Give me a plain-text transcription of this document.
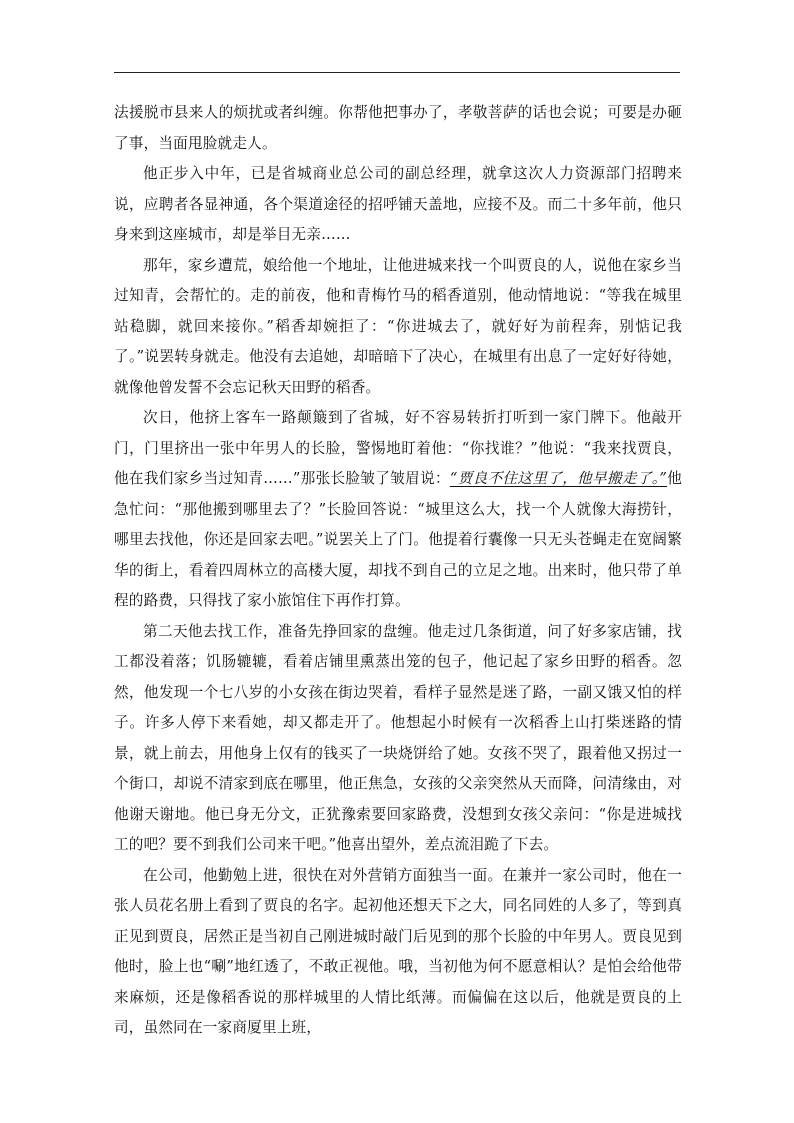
法援脱市县来人的烦扰或者纠缠。你帮他把事办了，孝敬菩萨的话也会说；可要是办砸了事，当面甩脸就走人。

他正步入中年，已是省城商业总公司的副总经理，就拿这次人力资源部门招聘来说，应聘者各显神通，各个渠道途径的招呼铺天盖地，应接不及。而二十多年前，他只身来到这座城市，却是举目无亲……

那年，家乡遭荒，娘给他一个地址，让他进城来找一个叫贾良的人，说他在家乡当过知青，会帮忙的。走的前夜，他和青梅竹马的稻香道别，他动情地说：“等我在城里站稳脚，就回来接你。”稻香却婉拒了：“你进城去了，就好好为前程奔，别惦记我了。”说罢转身就走。他没有去追她，却暗暗下了决心，在城里有出息了一定好好待她，就像他曾发誓不会忘记秋天田野的稻香。

次日，他挤上客车一路颠簸到了省城，好不容易转折打听到一家门牌下。他敲开门，门里挤出一张中年男人的长脸，警惕地盯着他：“你找谁？”他说：“我来找贾良，他在我们家乡当过知青……”那张长脸皱了皱眉说：“贾良不住这里了，他早搬走了。”他急忙问：“那他搬到哪里去了？”长脸回答说：“城里这么大，找一个人就像大海捞针，哪里去找他，你还是回家去吧。”说罢关上了门。他提着行囊像一只无头苍蝇走在宽阔繁华的街上，看着四周林立的高楼大厦，却找不到自己的立足之地。出来时，他只带了单程的路费，只得找了家小旅馆住下再作打算。

第二天他去找工作，准备先挣回家的盘缠。他走过几条街道，问了好多家店铺，找工都没着落；饥肠辘辘，看着店铺里熏蒸出笼的包子，他记起了家乡田野的稻香。忽然，他发现一个七八岁的小女孩在街边哭着，看样子显然是迷了路，一副又饿又怕的样子。许多人停下来看她，却又都走开了。他想起小时候有一次稻香上山打柴迷路的情景，就上前去，用他身上仅有的钱买了一块烧饼给了她。女孩不哭了，跟着他又拐过一个街口，却说不清家到底在哪里，他正焦急，女孩的父亲突然从天而降，问清缘由，对他谢天谢地。他已身无分文，正犹豫索要回家路费，没想到女孩父亲问：“你是进城找工的吧？要不到我们公司来干吧。”他喜出望外，差点流泪跪了下去。

在公司，他勤勉上进，很快在对外营销方面独当一面。在兼并一家公司时，他在一张人员花名册上看到了贾良的名字。起初他还想天下之大，同名同姓的人多了，等到真正见到贾良，居然正是当初自己刚进城时敲门后见到的那个长脸的中年男人。贾良见到他时，脸上也“唰”地红透了，不敢正视他。哦，当初他为何不愿意相认？是怕会给他带来麻烦，还是像稻香说的那样城里的人情比纸薄。而偏偏在这以后，他就是贾良的上司，虽然同在一家商厦里上班，
